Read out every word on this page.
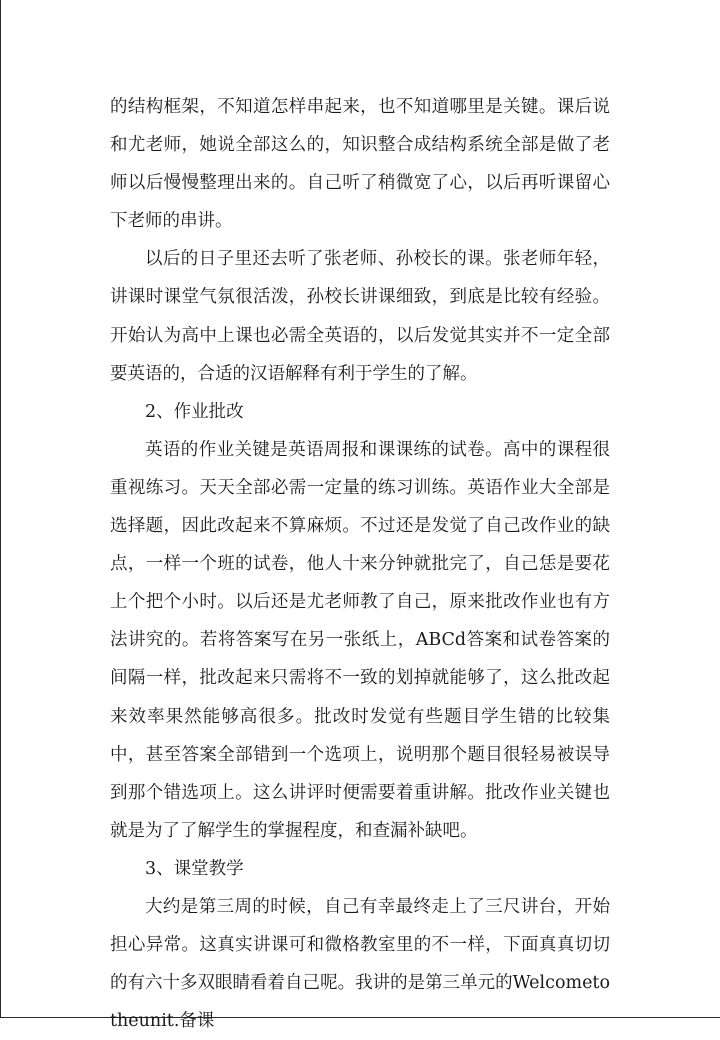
的结构框架，不知道怎样串起来，也不知道哪里是关键。课后说和尤老师，她说全部这么的，知识整合成结构系统全部是做了老师以后慢慢整理出来的。自己听了稍微宽了心，以后再听课留心下老师的串讲。

以后的日子里还去听了张老师、孙校长的课。张老师年轻，讲课时课堂气氛很活泼，孙校长讲课细致，到底是比较有经验。开始认为高中上课也必需全英语的，以后发觉其实并不一定全部要英语的，合适的汉语解释有利于学生的了解。

2、作业批改

英语的作业关键是英语周报和课课练的试卷。高中的课程很重视练习。天天全部必需一定量的练习训练。英语作业大全部是选择题，因此改起来不算麻烦。不过还是发觉了自己改作业的缺点，一样一个班的试卷，他人十来分钟就批完了，自己恁是要花上个把个小时。以后还是尤老师教了自己，原来批改作业也有方法讲究的。若将答案写在另一张纸上，ABCd答案和试卷答案的间隔一样，批改起来只需将不一致的划掉就能够了，这么批改起来效率果然能够高很多。批改时发觉有些题目学生错的比较集中，甚至答案全部错到一个选项上，说明那个题目很轻易被误导到那个错选项上。这么讲评时便需要着重讲解。批改作业关键也就是为了了解学生的掌握程度，和查漏补缺吧。

3、课堂教学

大约是第三周的时候，自己有幸最终走上了三尺讲台，开始担心异常。这真实讲课可和微格教室里的不一样，下面真真切切的有六十多双眼睛看着自己呢。我讲的是第三单元的Welcometotheunit.备课
